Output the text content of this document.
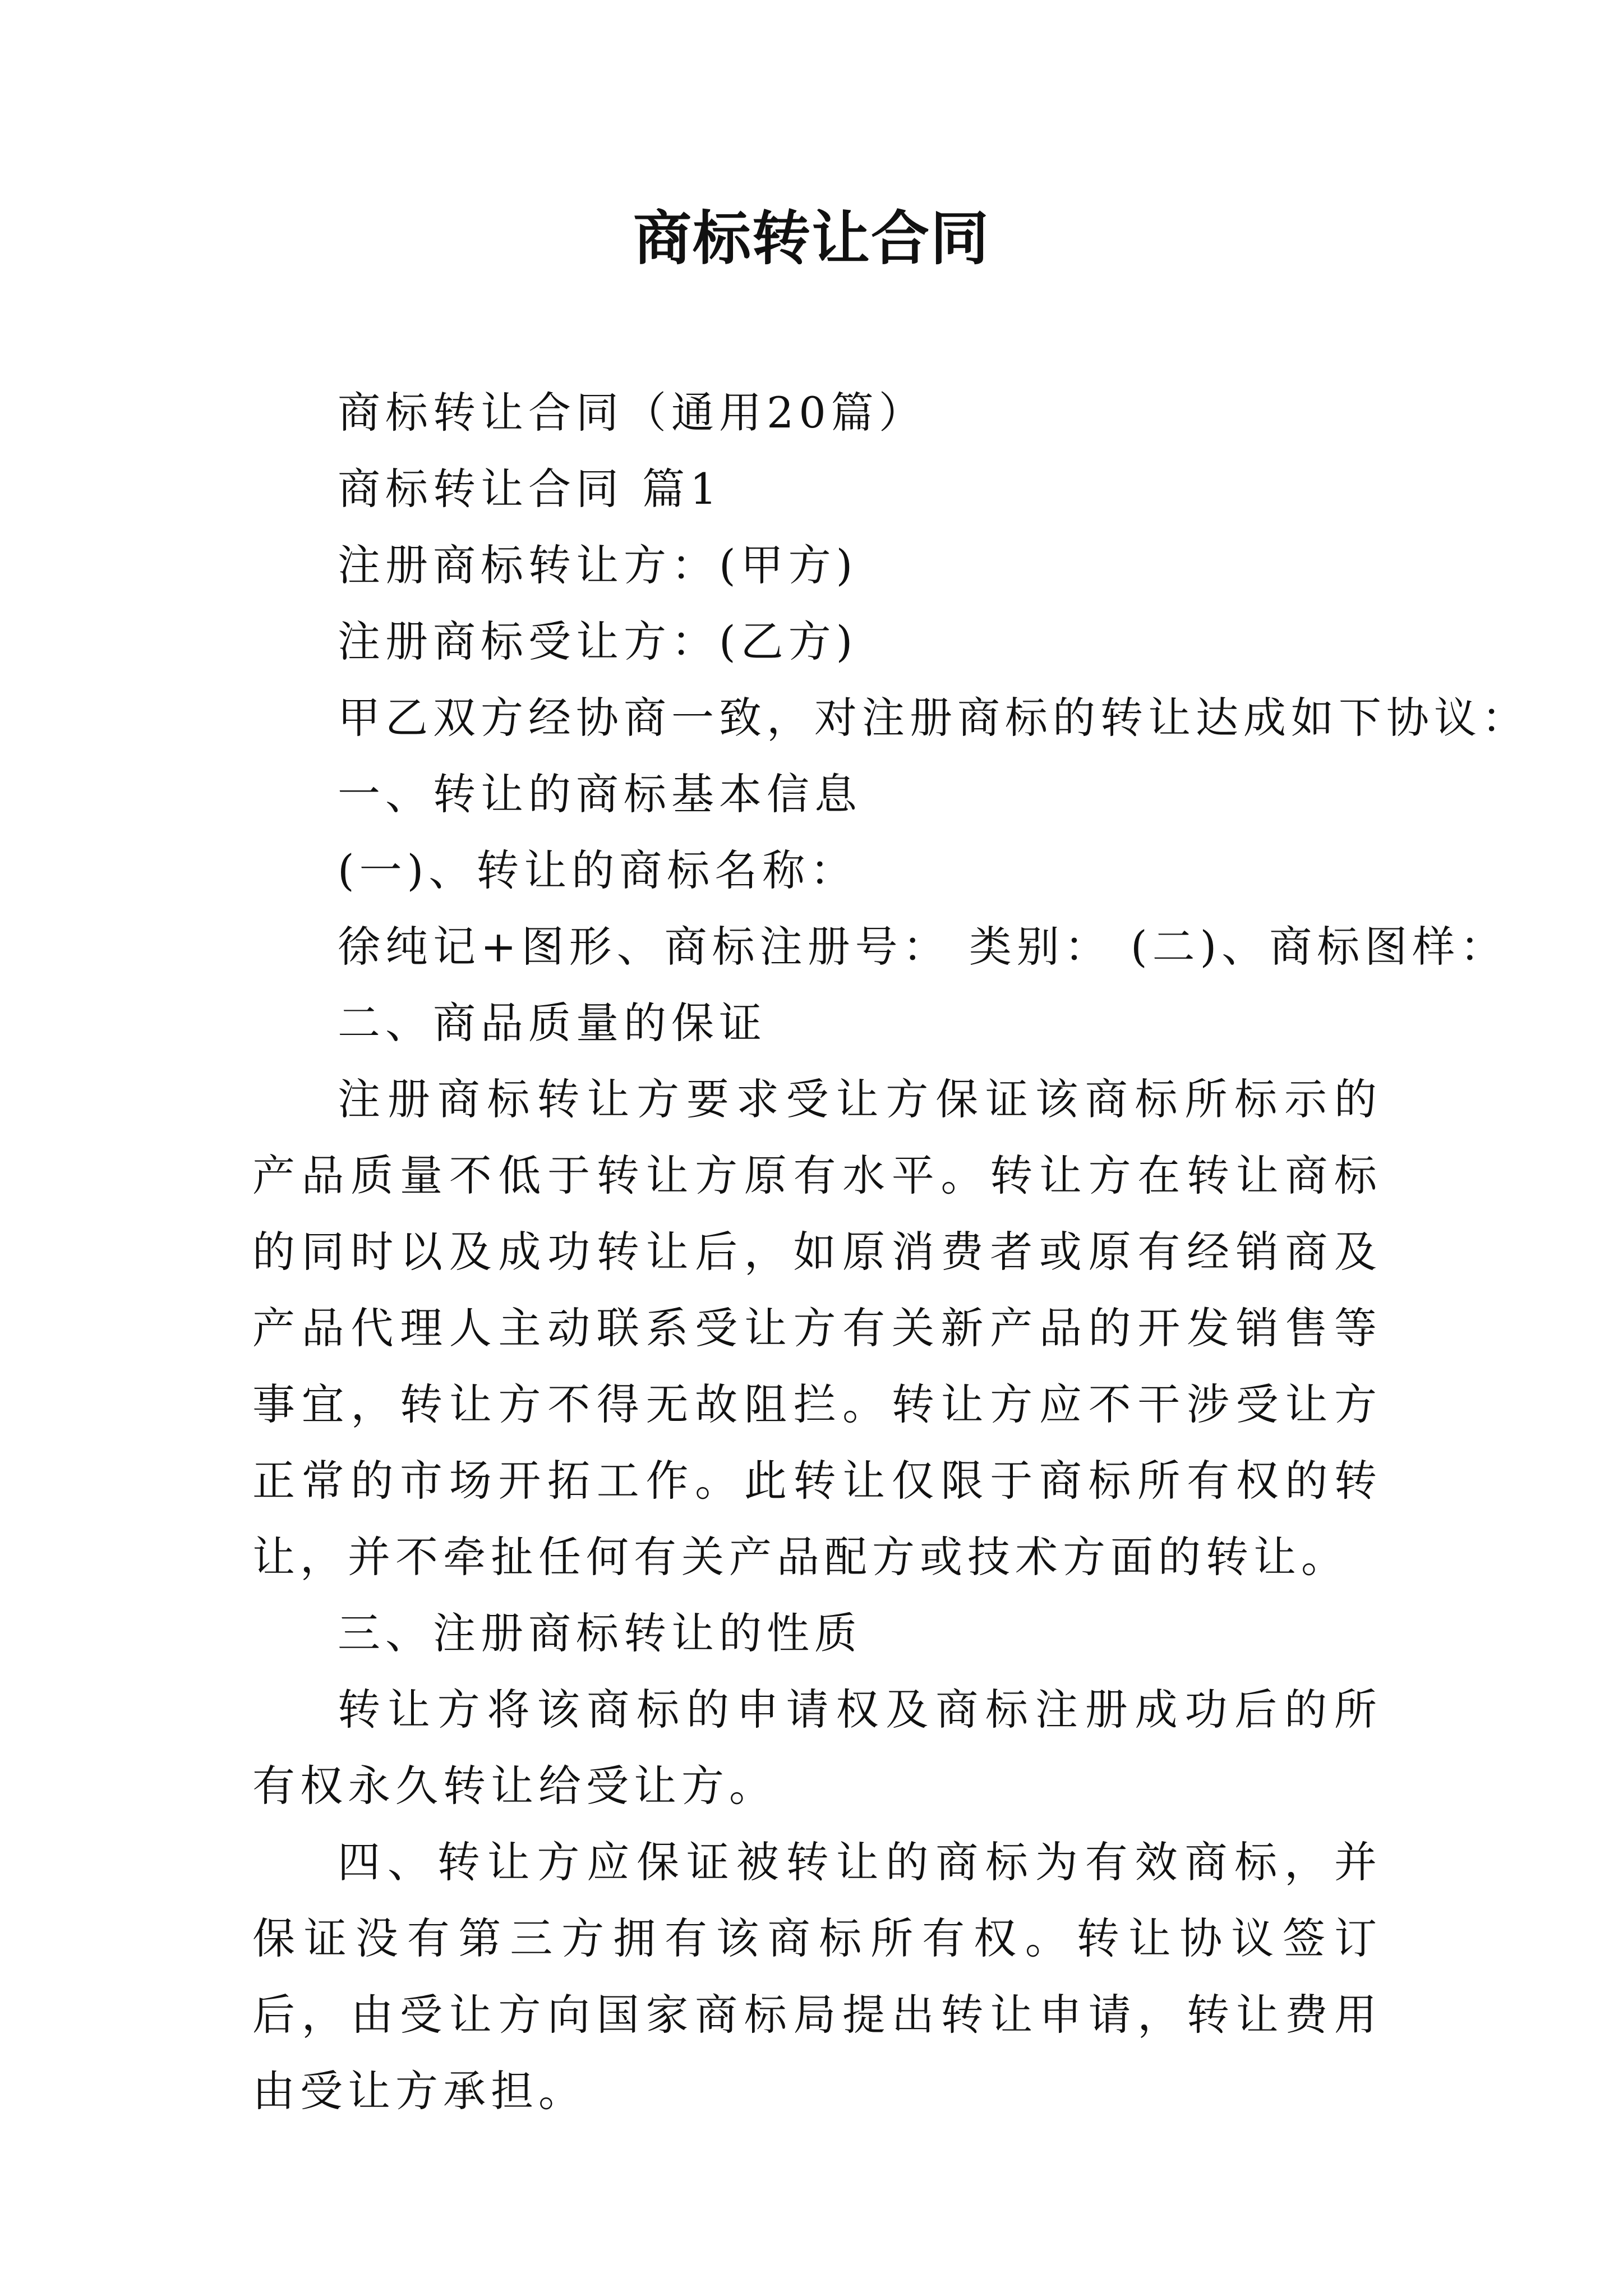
商标转让合同

商标转让合同（通用20篇）

商标转让合同 篇1

注册商标转让方：(甲方)

注册商标受让方：(乙方)

甲乙双方经协商一致，对注册商标的转让达成如下协议：

一、转让的商标基本信息

(一)、转让的商标名称：

徐纯记+图形、商标注册号： 类别： (二)、商标图样：

二、商品质量的保证

注册商标转让方要求受让方保证该商标所标示的产品质量不低于转让方原有水平。转让方在转让商标的同时以及成功转让后，如原消费者或原有经销商及产品代理人主动联系受让方有关新产品的开发销售等事宜，转让方不得无故阻拦。转让方应不干涉受让方正常的市场开拓工作。此转让仅限于商标所有权的转让，并不牵扯任何有关产品配方或技术方面的转让。

三、注册商标转让的性质

转让方将该商标的申请权及商标注册成功后的所有权永久转让给受让方。

四、转让方应保证被转让的商标为有效商标，并保证没有第三方拥有该商标所有权。转让协议签订后，由受让方向国家商标局提出转让申请，转让费用由受让方承担。
